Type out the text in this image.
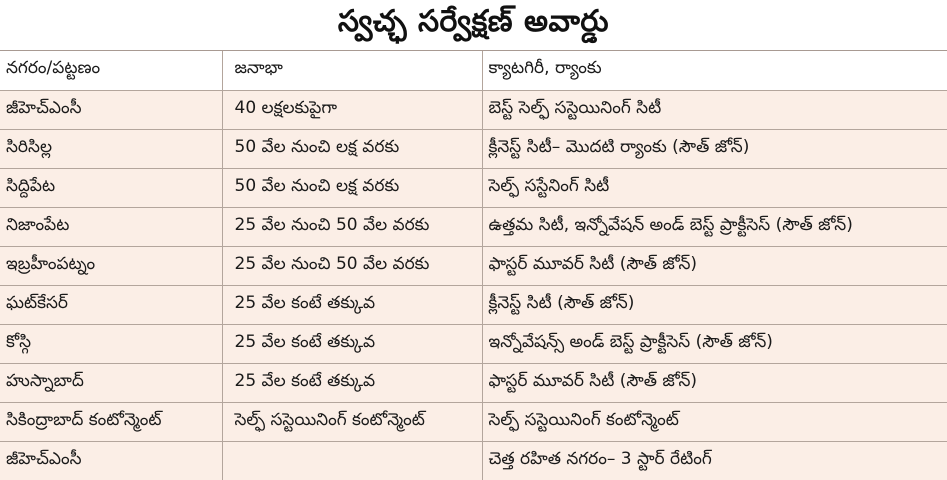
స్వచ్ఛ సర్వేక్షణ్ అవార్డు
నగరం/పట్టణం	జనాభా	క్యాటగిరీ, ర్యాంకు
జీహెచ్‌ఎంసీ	40 లక్షలకుపైగా	బెస్ట్ సెల్ఫ్ సస్టెయినింగ్ సిటీ
సిరిసిల్ల	50 వేల నుంచి లక్ష వరకు	క్లీనెస్ట్ సిటీ– మొదటి ర్యాంకు (సౌత్ జోన్)
సిద్దిపేట	50 వేల నుంచి లక్ష వరకు	సెల్ఫ్ సస్టేనింగ్ సిటీ
నిజాంపేట	25 వేల నుంచి 50 వేల వరకు	ఉత్తమ సిటీ, ఇన్నోవేషన్ అండ్ బెస్ట్ ప్రాక్టీసెస్ (సౌత్ జోన్)
ఇబ్రహీంపట్నం	25 వేల నుంచి 50 వేల వరకు	ఫాస్టర్ మూవర్ సిటీ (సౌత్ జోన్)
ఘట్‌కేసర్	25 వేల కంటే తక్కువ	క్లీనెస్ట్ సిటీ (సౌత్ జోన్)
కోస్గి	25 వేల కంటే తక్కువ	ఇన్నోవేషన్స్ అండ్ బెస్ట్ ప్రాక్టీసెస్ (సౌత్ జోన్)
హుస్నాబాద్	25 వేల కంటే తక్కువ	ఫాస్టర్ మూవర్ సిటీ (సౌత్ జోన్)
సికింద్రాబాద్ కంటోన్మెంట్	సెల్ఫ్ సస్టెయినింగ్ కంటోన్మెంట్	సెల్ఫ్ సస్టెయినింగ్ కంటోన్మెంట్
జీహెచ్‌ఎంసీ		చెత్త రహిత నగరం– 3 స్టార్ రేటింగ్
